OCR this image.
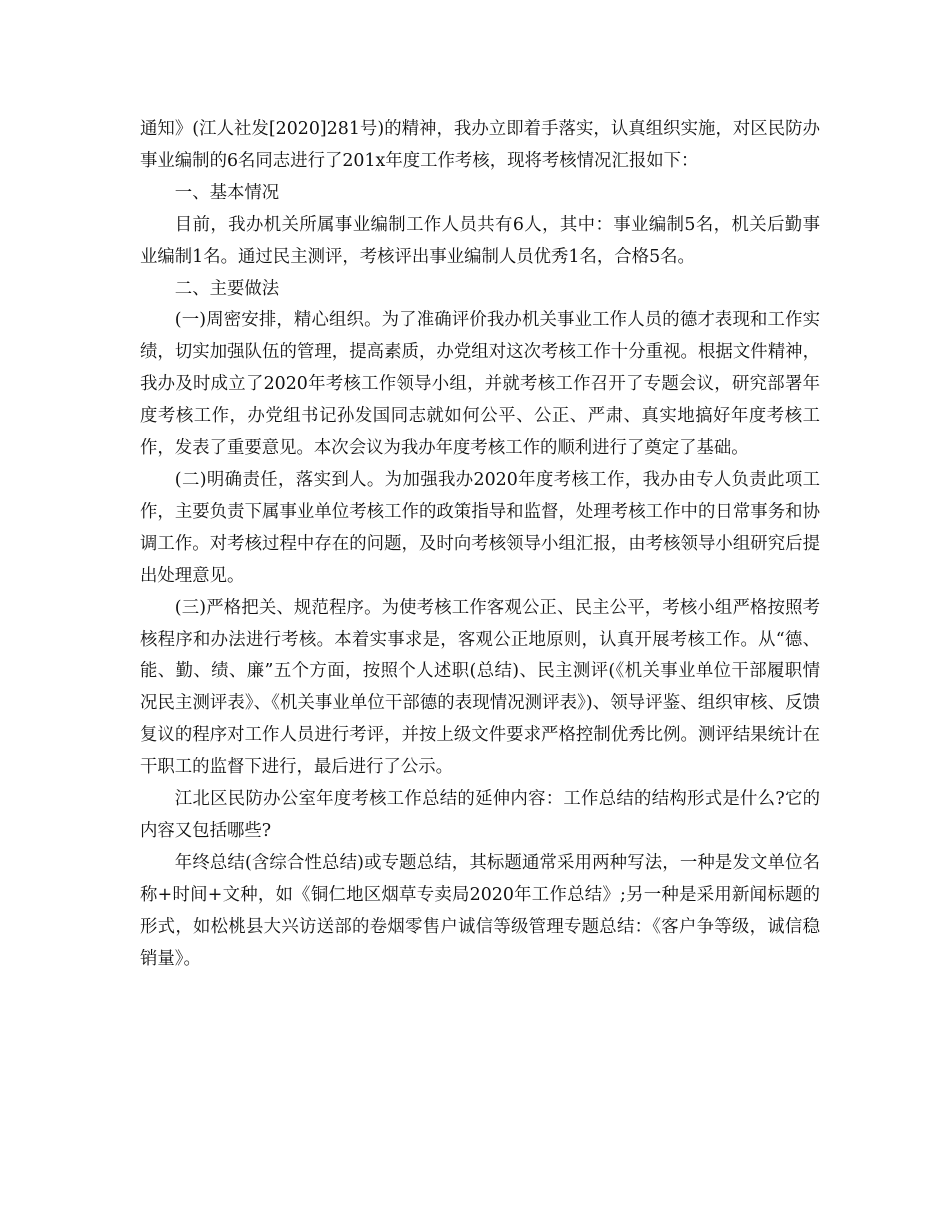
通知》(江人社发[2020]281号)的精神，我办立即着手落实，认真组织实施，对区民防办事业编制的6名同志进行了201x年度工作考核，现将考核情况汇报如下：

一、基本情况

目前，我办机关所属事业编制工作人员共有6人，其中：事业编制5名，机关后勤事业编制1名。通过民主测评，考核评出事业编制人员优秀1名，合格5名。

二、主要做法

(一)周密安排，精心组织。为了准确评价我办机关事业工作人员的德才表现和工作实绩，切实加强队伍的管理，提高素质，办党组对这次考核工作十分重视。根据文件精神，我办及时成立了2020年考核工作领导小组，并就考核工作召开了专题会议，研究部署年度考核工作，办党组书记孙发国同志就如何公平、公正、严肃、真实地搞好年度考核工作，发表了重要意见。本次会议为我办年度考核工作的顺利进行了奠定了基础。

(二)明确责任，落实到人。为加强我办2020年度考核工作，我办由专人负责此项工作，主要负责下属事业单位考核工作的政策指导和监督，处理考核工作中的日常事务和协调工作。对考核过程中存在的问题，及时向考核领导小组汇报，由考核领导小组研究后提出处理意见。

(三)严格把关、规范程序。为使考核工作客观公正、民主公平，考核小组严格按照考核程序和办法进行考核。本着实事求是，客观公正地原则，认真开展考核工作。从“德、能、勤、绩、廉”五个方面，按照个人述职(总结)、民主测评(《机关事业单位干部履职情况民主测评表》、《机关事业单位干部德的表现情况测评表》)、领导评鉴、组织审核、反馈复议的程序对工作人员进行考评，并按上级文件要求严格控制优秀比例。测评结果统计在干职工的监督下进行，最后进行了公示。

江北区民防办公室年度考核工作总结的延伸内容：工作总结的结构形式是什么?它的内容又包括哪些?

年终总结(含综合性总结)或专题总结，其标题通常采用两种写法，一种是发文单位名称+时间+文种，如《铜仁地区烟草专卖局2020年工作总结》;另一种是采用新闻标题的形式，如松桃县大兴访送部的卷烟零售户诚信等级管理专题总结：《客户争等级，诚信稳销量》。
